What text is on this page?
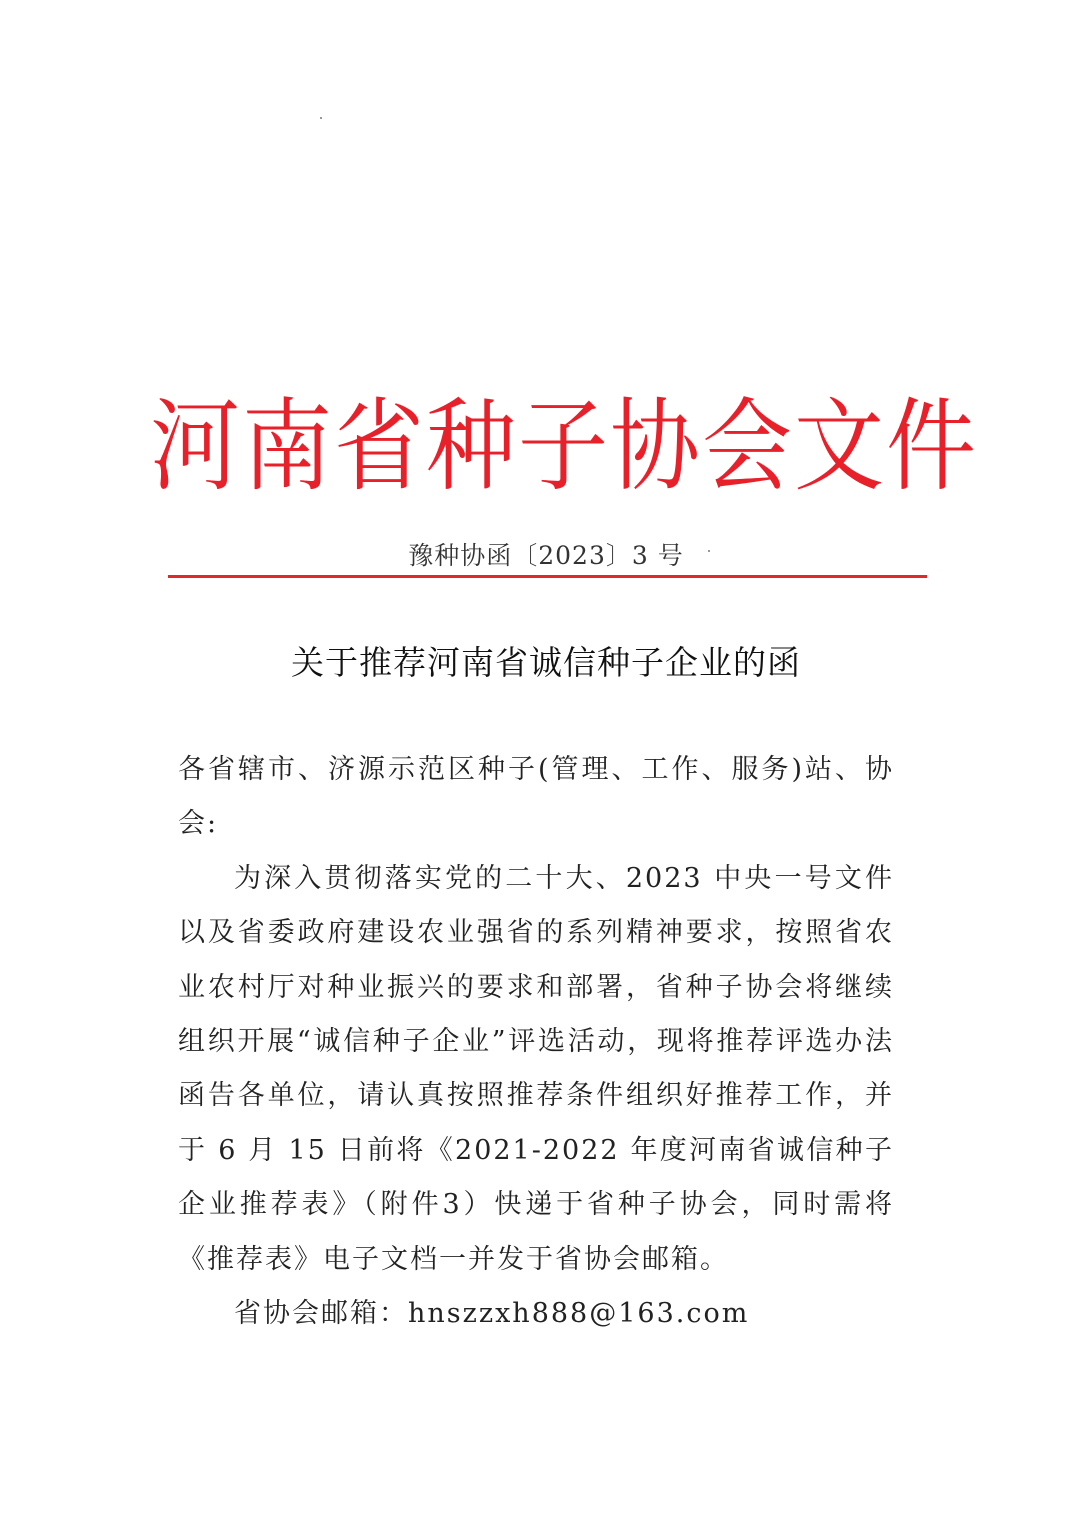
河南省种子协会文件
豫种协函〔2023〕3 号
关于推荐河南省诚信种子企业的函

各省辖市、济源示范区种子(管理、工作、服务)站、协会:

为深入贯彻落实党的二十大、2023 中央一号文件以及省委政府建设农业强省的系列精神要求，按照省农业农村厅对种业振兴的要求和部署，省种子协会将继续组织开展“诚信种子企业”评选活动，现将推荐评选办法函告各单位，请认真按照推荐条件组织好推荐工作，并于 6 月 15 日前将《2021-2022 年度河南省诚信种子企业推荐表》（附件3）快递于省种子协会，同时需将《推荐表》电子文档一并发于省协会邮箱。

省协会邮箱：hnszzxh888@163.com
